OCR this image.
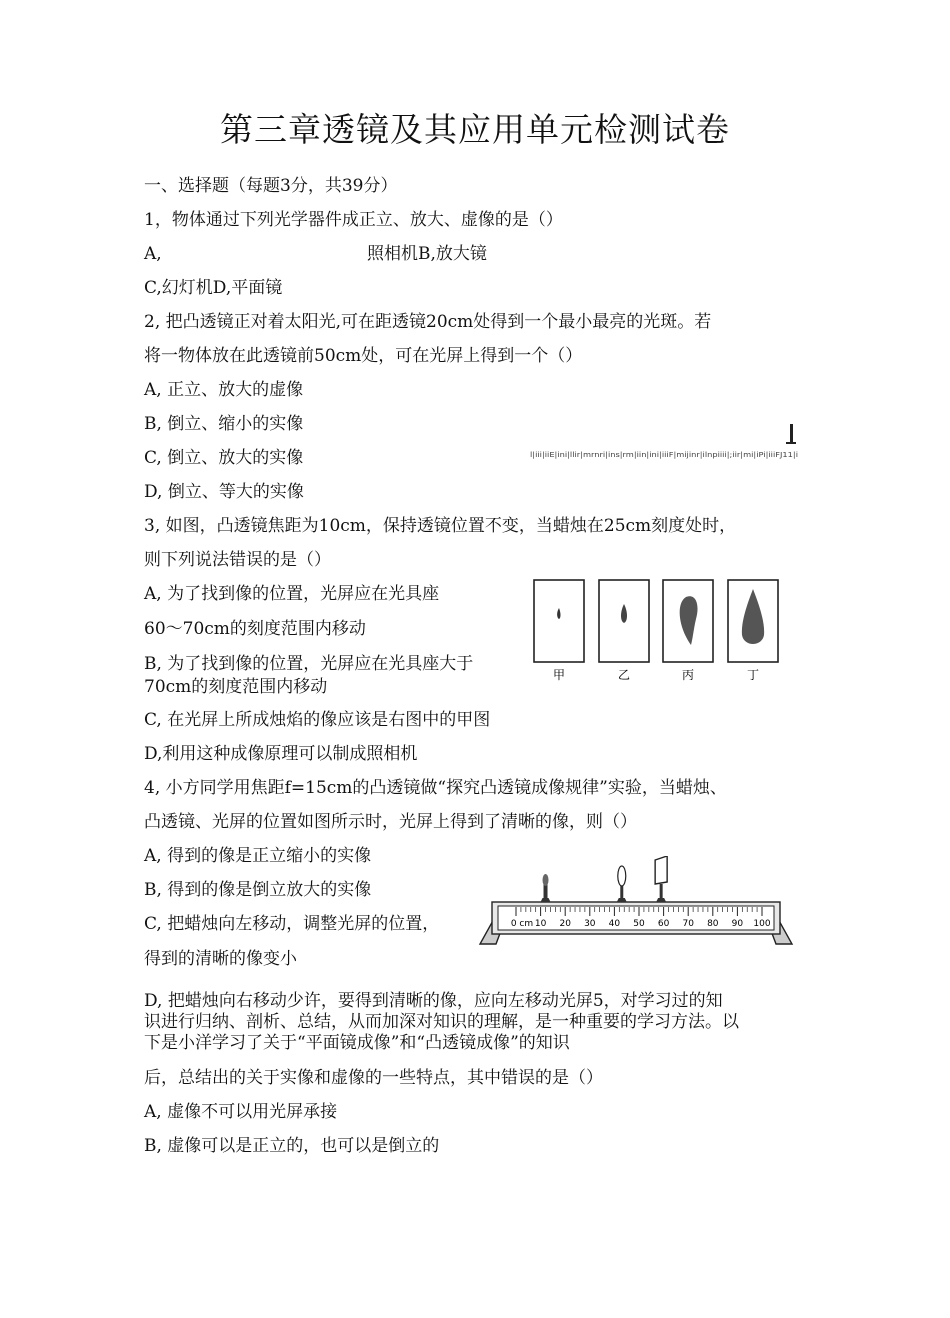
第三章透镜及其应用单元检测试卷
一、选择题（每题3分，共39分）
1，物体通过下列光学器件成正立、放大、虚像的是（）
A,	照相机B,放大镜
C,幻灯机D,平面镜
2, 把凸透镜正对着太阳光,可在距透镜20cm处得到一个最小最亮的光斑。若
将一物体放在此透镜前50cm处，可在光屏上得到一个（）
A, 正立、放大的虚像
B, 倒立、缩小的实像
C, 倒立、放大的实像
D, 倒立、等大的实像
l|iii|iiE|ini|llir|mrnri|ins|rm|iin|ini|iiiF|mijinr|ilnpiiii|;iir|mi|iPi|iiiFJ11|i
3, 如图，凸透镜焦距为10cm，保持透镜位置不变，当蜡烛在25cm刻度处时，
则下列说法错误的是（）
A, 为了找到像的位置，光屏应在光具座
60〜70cm的刻度范围内移动
B, 为了找到像的位置，光屏应在光具座大于
70cm的刻度范围内移动
C, 在光屏上所成烛焰的像应该是右图中的甲图
D,利用这种成像原理可以制成照相机
甲	乙	丙	丁
4, 小方同学用焦距f=15cm的凸透镜做“探究凸透镜成像规律”实验，当蜡烛、
凸透镜、光屏的位置如图所示时，光屏上得到了清晰的像，则（）
A, 得到的像是正立缩小的实像
B, 得到的像是倒立放大的实像
C, 把蜡烛向左移动，调整光屏的位置，
得到的清晰的像变小
0 cm 10 20 30 40 50 60 70 80 90 100
D, 把蜡烛向右移动少许，要得到清晰的像，应向左移动光屏5，对学习过的知
识进行归纳、剖析、总结，从而加深对知识的理解，是一种重要的学习方法。以
下是小洋学习了关于“平面镜成像”和“凸透镜成像”的知识
后，总结出的关于实像和虚像的一些特点，其中错误的是（）
A, 虚像不可以用光屏承接
B, 虚像可以是正立的，也可以是倒立的
